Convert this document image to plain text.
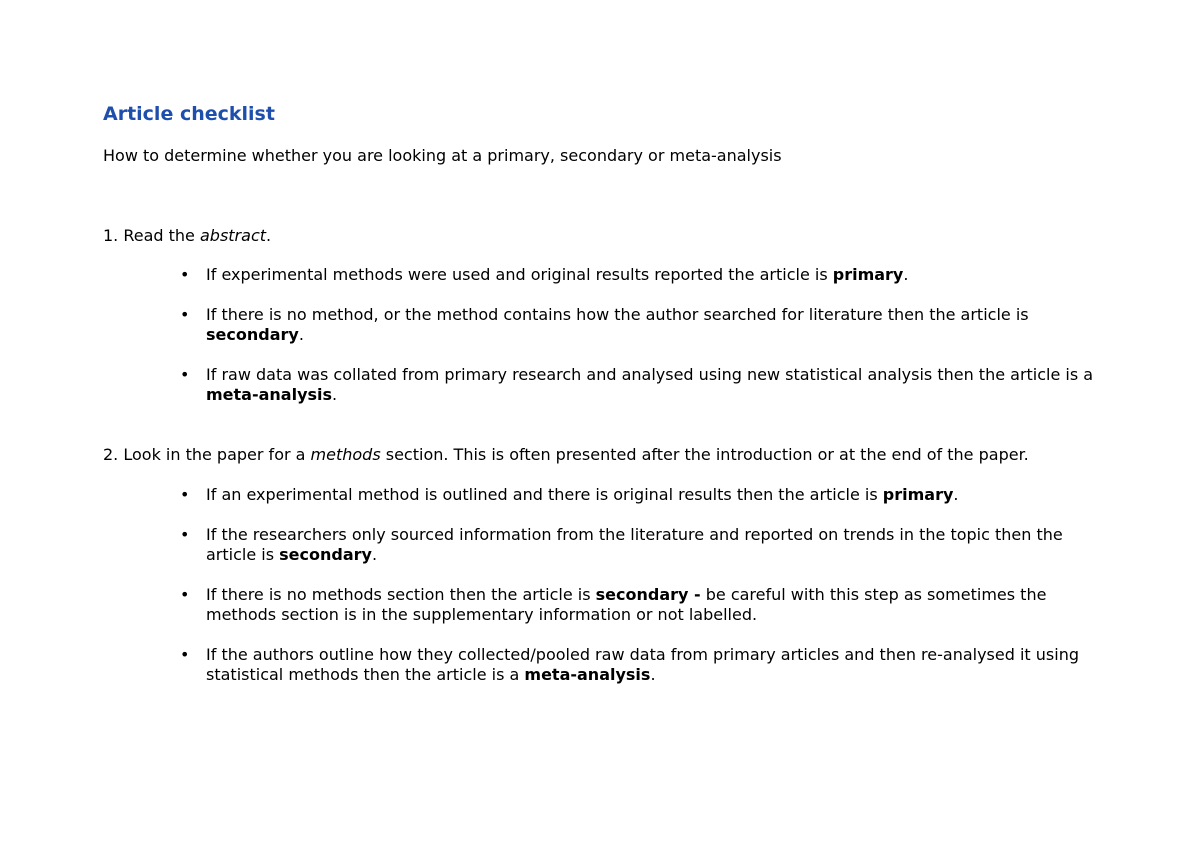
Article checklist

How to determine whether you are looking at a primary, secondary or meta-analysis

1. Read the abstract.

• If experimental methods were used and original results reported the article is primary.
• If there is no method, or the method contains how the author searched for literature then the article is secondary.
• If raw data was collated from primary research and analysed using new statistical analysis then the article is a meta-analysis.

2. Look in the paper for a methods section. This is often presented after the introduction or at the end of the paper.

• If an experimental method is outlined and there is original results then the article is primary.
• If the researchers only sourced information from the literature and reported on trends in the topic then the article is secondary.
• If there is no methods section then the article is secondary - be careful with this step as sometimes the methods section is in the supplementary information or not labelled.
• If the authors outline how they collected/pooled raw data from primary articles and then re-analysed it using statistical methods then the article is a meta-analysis.
